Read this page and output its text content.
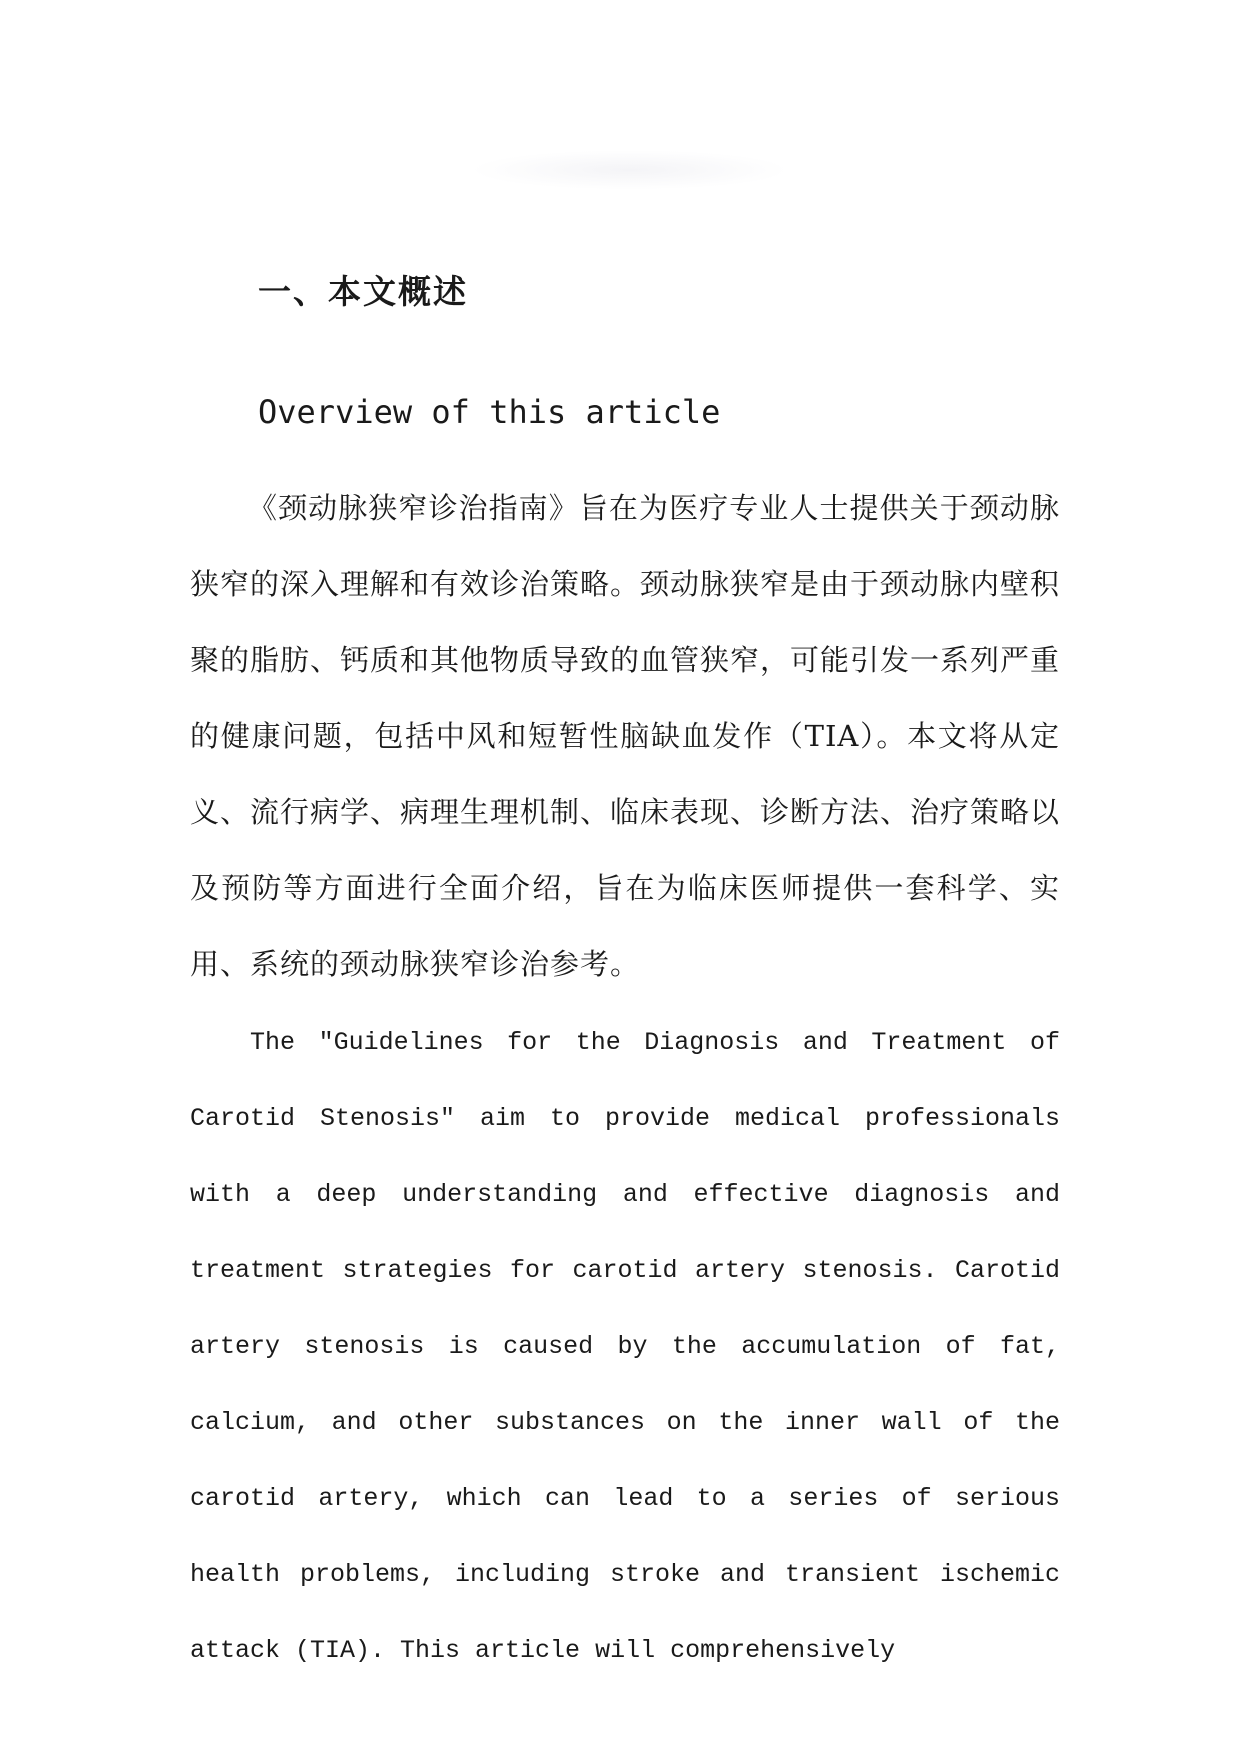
一、本文概述
Overview of this article

《颈动脉狭窄诊治指南》旨在为医疗专业人士提供关于颈动脉狭窄的深入理解和有效诊治策略。颈动脉狭窄是由于颈动脉内壁积聚的脂肪、钙质和其他物质导致的血管狭窄，可能引发一系列严重的健康问题，包括中风和短暂性脑缺血发作（TIA）。本文将从定义、流行病学、病理生理机制、临床表现、诊断方法、治疗策略以及预防等方面进行全面介绍，旨在为临床医师提供一套科学、实用、系统的颈动脉狭窄诊治参考。

The "Guidelines for the Diagnosis and Treatment of Carotid Stenosis" aim to provide medical professionals with a deep understanding and effective diagnosis and treatment strategies for carotid artery stenosis. Carotid artery stenosis is caused by the accumulation of fat, calcium, and other substances on the inner wall of the carotid artery, which can lead to a series of serious health problems, including stroke and transient ischemic attack (TIA). This article will comprehensively
